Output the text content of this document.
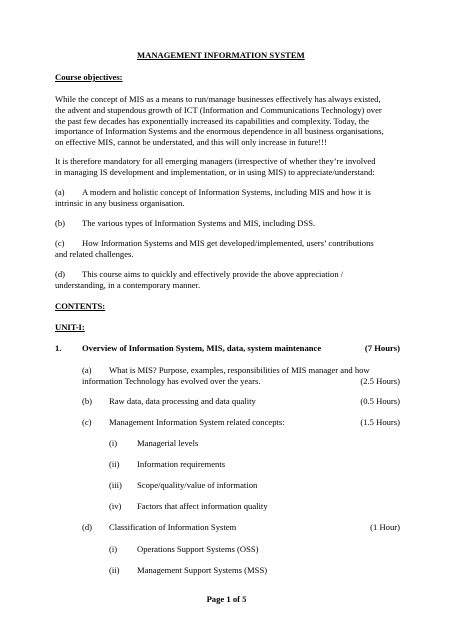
MANAGEMENT INFORMATION SYSTEM
Course objectives:
While the concept of MIS as a means to run/manage businesses effectively has always existed,
the advent and stupendous growth of ICT (Information and Communications Technology) over
the past few decades has exponentially increased its capabilities and complexity. Today, the
importance of Information Systems and the enormous dependence in all business organisations,
on effective MIS, cannot be understated, and this will only increase in future!!!
It is therefore mandatory for all emerging managers (irrespective of whether they’re involved
in managing IS development and implementation, or in using MIS) to appreciate/understand:
(a) A modern and holistic concept of Information Systems, including MIS and how it is
intrinsic in any business organisation.
(b) The various types of Information Systems and MIS, including DSS.
(c) How Information Systems and MIS get developed/implemented, users’ contributions
and related challenges.
(d) This course aims to quickly and effectively provide the above appreciation /
understanding, in a contemporary manner.
CONTENTS:
UNIT-I:
1. Overview of Information System, MIS, data, system maintenance	(7 Hours)
(a) What is MIS? Purpose, examples, responsibilities of MIS manager and how
information Technology has evolved over the years.	(2.5 Hours)
(b) Raw data, data processing and data quality	(0.5 Hours)
(c) Management Information System related concepts:	(1.5 Hours)
(i) Managerial levels
(ii) Information requirements
(iii) Scope/quality/value of information
(iv) Factors that affect information quality
(d) Classification of Information System	(1 Hour)
(i) Operations Support Systems (OSS)
(ii) Management Support Systems (MSS)
Page 1 of 5
